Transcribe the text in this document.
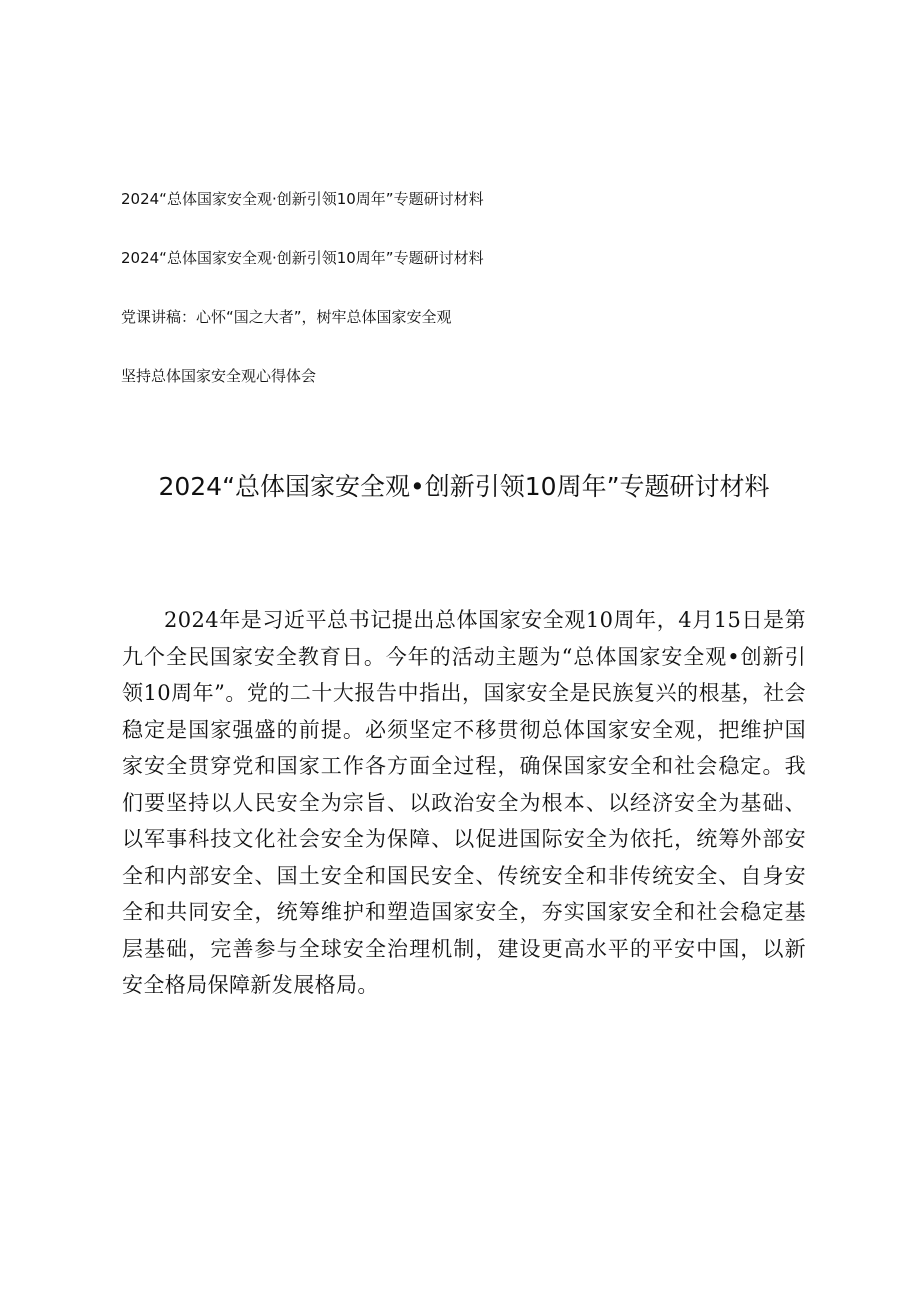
2024“总体国家安全观·创新引领10周年”专题研讨材料
2024“总体国家安全观·创新引领10周年”专题研讨材料
党课讲稿：心怀“国之大者”，树牢总体国家安全观
坚持总体国家安全观心得体会
2024“总体国家安全观•创新引领10周年”专题研讨材料

2024年是习近平总书记提出总体国家安全观10周年，4月15日是第九个全民国家安全教育日。今年的活动主题为“总体国家安全观•创新引领10周年”。党的二十大报告中指出，国家安全是民族复兴的根基，社会稳定是国家强盛的前提。必须坚定不移贯彻总体国家安全观，把维护国家安全贯穿党和国家工作各方面全过程，确保国家安全和社会稳定。我们要坚持以人民安全为宗旨、以政治安全为根本、以经济安全为基础、以军事科技文化社会安全为保障、以促进国际安全为依托，统筹外部安全和内部安全、国土安全和国民安全、传统安全和非传统安全、自身安全和共同安全，统筹维护和塑造国家安全，夯实国家安全和社会稳定基层基础，完善参与全球安全治理机制，建设更高水平的平安中国，以新安全格局保障新发展格局。
